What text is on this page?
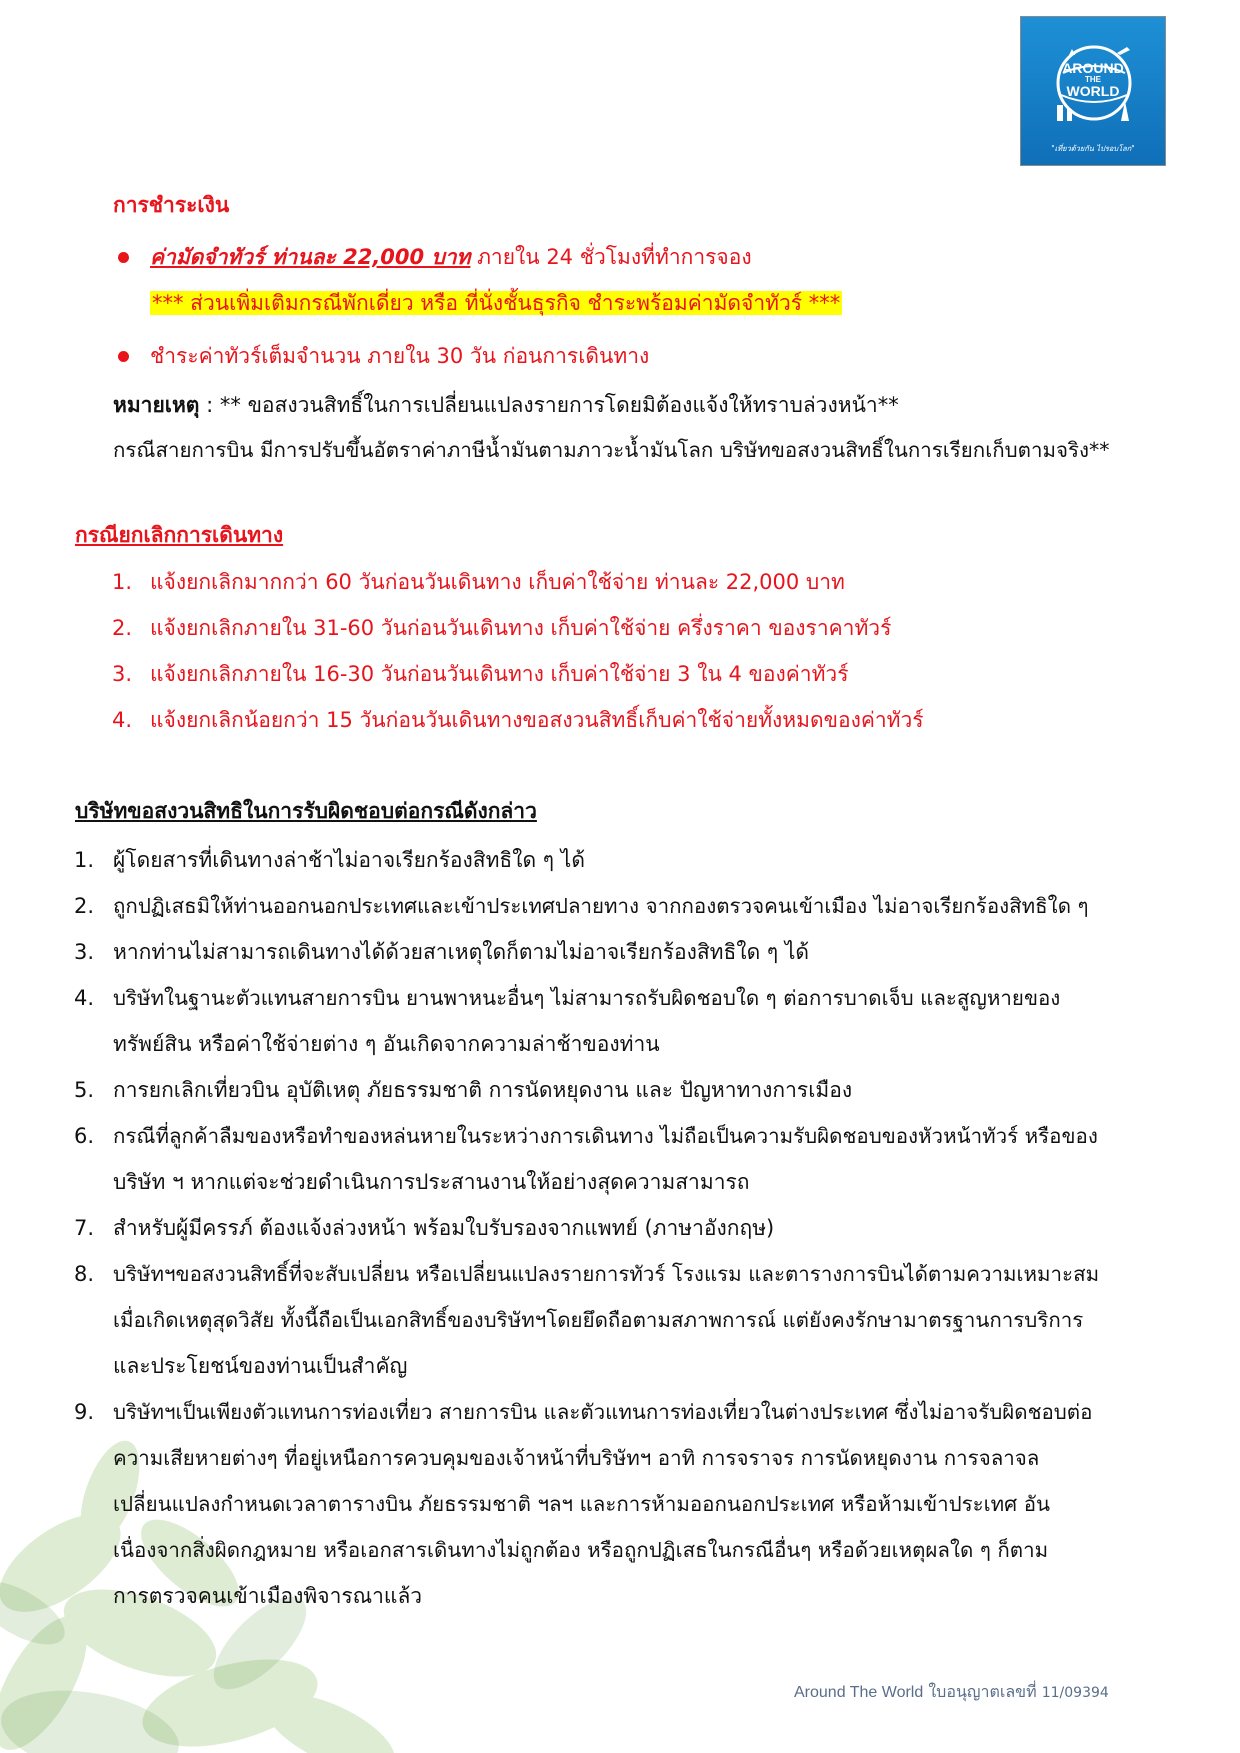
AROUND
THE
WORLD
"เที่ยวด้วยกัน ไปรอบโลก"
การชำระเงิน
ค่ามัดจำทัวร์ ท่านละ 22,000 บาท ภายใน 24 ชั่วโมงที่ทำการจอง
*** ส่วนเพิ่มเติมกรณีพักเดี่ยว หรือ ที่นั่งชั้นธุรกิจ ชำระพร้อมค่ามัดจำทัวร์ ***
ชำระค่าทัวร์เต็มจำนวน ภายใน 30 วัน ก่อนการเดินทาง
หมายเหตุ : ** ขอสงวนสิทธิ์ในการเปลี่ยนแปลงรายการโดยมิต้องแจ้งให้ทราบล่วงหน้า**
กรณีสายการบิน มีการปรับขึ้นอัตราค่าภาษีน้ำมันตามภาวะน้ำมันโลก บริษัทขอสงวนสิทธิ์ในการเรียกเก็บตามจริง**
กรณียกเลิกการเดินทาง
1. แจ้งยกเลิกมากกว่า 60 วันก่อนวันเดินทาง เก็บค่าใช้จ่าย ท่านละ 22,000 บาท
2. แจ้งยกเลิกภายใน 31-60 วันก่อนวันเดินทาง เก็บค่าใช้จ่าย ครึ่งราคา ของราคาทัวร์
3. แจ้งยกเลิกภายใน 16-30 วันก่อนวันเดินทาง เก็บค่าใช้จ่าย 3 ใน 4 ของค่าทัวร์
4. แจ้งยกเลิกน้อยกว่า 15 วันก่อนวันเดินทางขอสงวนสิทธิ์เก็บค่าใช้จ่ายทั้งหมดของค่าทัวร์
บริษัทขอสงวนสิทธิในการรับผิดชอบต่อกรณีดังกล่าว
1. ผู้โดยสารที่เดินทางล่าช้าไม่อาจเรียกร้องสิทธิใด ๆ ได้
2. ถูกปฏิเสธมิให้ท่านออกนอกประเทศและเข้าประเทศปลายทาง จากกองตรวจคนเข้าเมือง ไม่อาจเรียกร้องสิทธิใด ๆ
3. หากท่านไม่สามารถเดินทางได้ด้วยสาเหตุใดก็ตามไม่อาจเรียกร้องสิทธิใด ๆ ได้
4. บริษัทในฐานะตัวแทนสายการบิน ยานพาหนะอื่นๆ ไม่สามารถรับผิดชอบใด ๆ ต่อการบาดเจ็บ และสูญหายของ
ทรัพย์สิน หรือค่าใช้จ่ายต่าง ๆ อันเกิดจากความล่าช้าของท่าน
5. การยกเลิกเที่ยวบิน อุบัติเหตุ ภัยธรรมชาติ การนัดหยุดงาน และ ปัญหาทางการเมือง
6. กรณีที่ลูกค้าลืมของหรือทำของหล่นหายในระหว่างการเดินทาง ไม่ถือเป็นความรับผิดชอบของหัวหน้าทัวร์ หรือของ
บริษัท ฯ หากแต่จะช่วยดำเนินการประสานงานให้อย่างสุดความสามารถ
7. สำหรับผู้มีครรภ์ ต้องแจ้งล่วงหน้า พร้อมใบรับรองจากแพทย์ (ภาษาอังกฤษ)
8. บริษัทฯขอสงวนสิทธิ์ที่จะสับเปลี่ยน หรือเปลี่ยนแปลงรายการทัวร์ โรงแรม และตารางการบินได้ตามความเหมาะสม
เมื่อเกิดเหตุสุดวิสัย ทั้งนี้ถือเป็นเอกสิทธิ์ของบริษัทฯโดยยึดถือตามสภาพการณ์ แต่ยังคงรักษามาตรฐานการบริการ
และประโยชน์ของท่านเป็นสำคัญ
9. บริษัทฯเป็นเพียงตัวแทนการท่องเที่ยว สายการบิน และตัวแทนการท่องเที่ยวในต่างประเทศ ซึ่งไม่อาจรับผิดชอบต่อ
ความเสียหายต่างๆ ที่อยู่เหนือการควบคุมของเจ้าหน้าที่บริษัทฯ อาทิ การจราจร การนัดหยุดงาน การจลาจล
เปลี่ยนแปลงกำหนดเวลาตารางบิน ภัยธรรมชาติ ฯลฯ และการห้ามออกนอกประเทศ หรือห้ามเข้าประเทศ อัน
เนื่องจากสิ่งผิดกฎหมาย หรือเอกสารเดินทางไม่ถูกต้อง หรือถูกปฏิเสธในกรณีอื่นๆ หรือด้วยเหตุผลใด ๆ ก็ตาม
การตรวจคนเข้าเมืองพิจารณาแล้ว
Around The World ใบอนุญาตเลขที่ 11/09394
